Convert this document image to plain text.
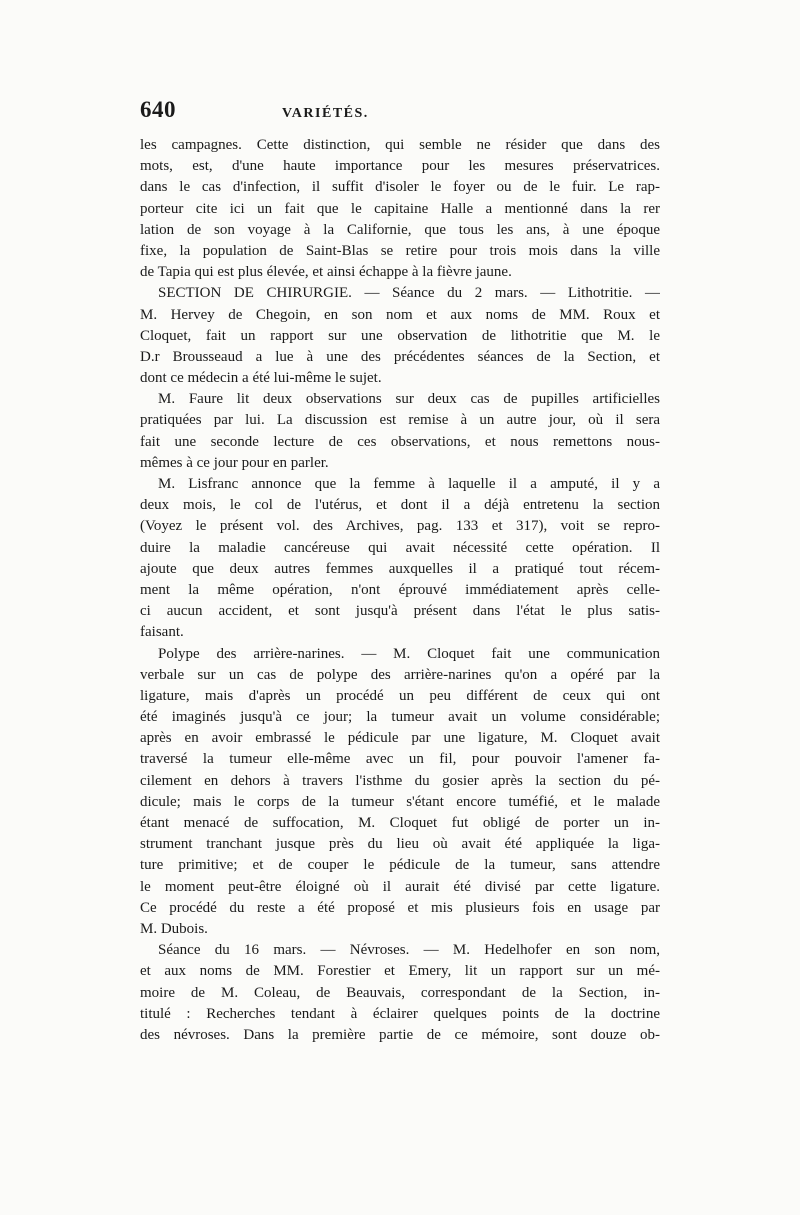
640	VARIÉTÉS.
les campagnes. Cette distinction, qui semble ne résider que dans des
mots, est, d'une haute importance pour les mesures préservatrices.
dans le cas d'infection, il suffit d'isoler le foyer ou de le fuir. Le rap-
porteur cite ici un fait que le capitaine Halle a mentionné dans la rer
lation de son voyage à la Californie, que tous les ans, à une époque
fixe, la population de Saint-Blas se retire pour trois mois dans la ville
de Tapia qui est plus élevée, et ainsi échappe à la fièvre jaune.
SECTION DE CHIRURGIE. — Séance du 2 mars. — Lithotritie. —
M. Hervey de Chegoin, en son nom et aux noms de MM. Roux et
Cloquet, fait un rapport sur une observation de lithotritie que M. le
D.r Brousseaud a lue à une des précédentes séances de la Section, et
dont ce médecin a été lui-même le sujet.
M. Faure lit deux observations sur deux cas de pupilles artificielles
pratiquées par lui. La discussion est remise à un autre jour, où il sera
fait une seconde lecture de ces observations, et nous remettons nous-
mêmes à ce jour pour en parler.
M. Lisfranc annonce que la femme à laquelle il a amputé, il y a
deux mois, le col de l'utérus, et dont il a déjà entretenu la section
(Voyez le présent vol. des Archives, pag. 133 et 317), voit se repro-
duire la maladie cancéreuse qui avait nécessité cette opération. Il
ajoute que deux autres femmes auxquelles il a pratiqué tout récem-
ment la même opération, n'ont éprouvé immédiatement après celle-
ci aucun accident, et sont jusqu'à présent dans l'état le plus satis-
faisant.
Polype des arrière-narines. — M. Cloquet fait une communication
verbale sur un cas de polype des arrière-narines qu'on a opéré par la
ligature, mais d'après un procédé un peu différent de ceux qui ont
été imaginés jusqu'à ce jour; la tumeur avait un volume considérable;
après en avoir embrassé le pédicule par une ligature, M. Cloquet avait
traversé la tumeur elle-même avec un fil, pour pouvoir l'amener fa-
cilement en dehors à travers l'isthme du gosier après la section du pé-
dicule; mais le corps de la tumeur s'étant encore tuméfié, et le malade
étant menacé de suffocation, M. Cloquet fut obligé de porter un in-
strument tranchant jusque près du lieu où avait été appliquée la liga-
ture primitive; et de couper le pédicule de la tumeur, sans attendre
le moment peut-être éloigné où il aurait été divisé par cette ligature.
Ce procédé du reste a été proposé et mis plusieurs fois en usage par
M. Dubois.
Séance du 16 mars. — Névroses. — M. Hedelhofer en son nom,
et aux noms de MM. Forestier et Emery, lit un rapport sur un mé-
moire de M. Coleau, de Beauvais, correspondant de la Section, in-
titulé : Recherches tendant à éclairer quelques points de la doctrine
des névroses. Dans la première partie de ce mémoire, sont douze ob-
